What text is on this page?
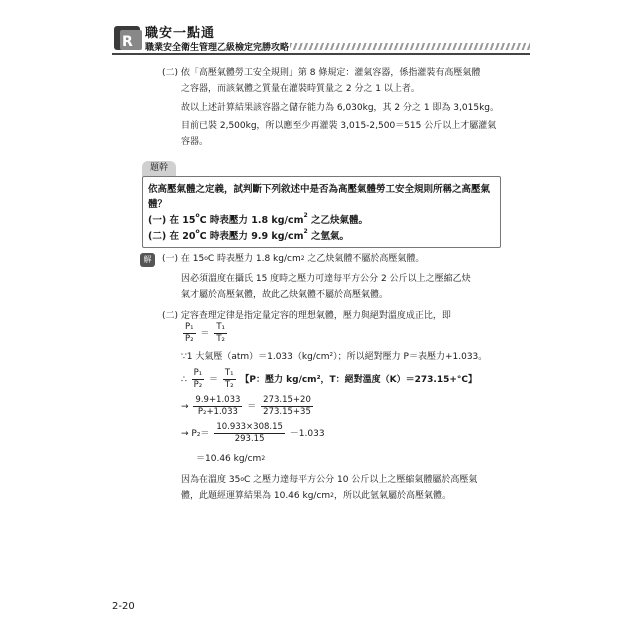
R
職安一點通
職業安全衛生管理乙級檢定完勝攻略
(二) 依「高壓氣體勞工安全規則」第 8 條規定：灌氣容器，係指灌裝有高壓氣體
之容器，而該氣體之質量在灌裝時質量之 2 分之 1 以上者。
故以上述計算結果該容器之儲存能力為 6,030kg，其 2 分之 1 即為 3,015kg。
目前已裝 2,500kg，所以應至少再灌裝 3,015-2,500＝515 公斤以上才屬灌氣
容器。
題幹
依高壓氣體之定義，試判斷下列敘述中是否為高壓氣體勞工安全規則所稱之高壓氣
體？
(一) 在 15$^o$C 時表壓力 1.8 $kg/cm^2$ 之乙炔氣體。
(二) 在 20$^o$C 時表壓力 9.9 $kg/cm^2$ 之氫氣。
解	(一) 在 15$^o$C 時表壓力 1.8 $kg/cm^2$ 之乙炔氣體不屬於高壓氣體。
因必須溫度在攝氏 15 度時之壓力可達每平方公分 2 公斤以上之壓縮乙炔
氣才屬於高壓氣體，故此乙炔氣體不屬於高壓氣體。
(二) 定容查理定律是指定量定容的理想氣體，壓力與絕對溫度成正比，即
$\frac{\text{P₁}}{\text{P₂}} = \frac{\text{T₁}}{\text{T₂}}$
∵1 大氣壓（atm）＝1.033（kg/cm²）；所以絕對壓力 P＝表壓力+1.033。
∴ $\frac{\text{P₁}}{\text{P₂}} = \frac{\text{T₁}}{\text{T₂}}$ 【P：壓力 kg/cm²，T：絕對溫度（K）＝273.15+°C】
→ $\frac{9.9+1.033}{\text{P₂+1.033}} = \frac{273.15+20}{273.15+35}$
→ $P_2= \frac{10.933\times 308.15}{293.15} -1.033$
＝10.46 $kg/cm^2$
因為在溫度 35$^o$C 之壓力達每平方公分 10 公斤以上之壓縮氣體屬於高壓氣
體，此題經運算結果為 10.46 $kg/cm^2$，所以此氫氣屬於高壓氣體。
2-20
